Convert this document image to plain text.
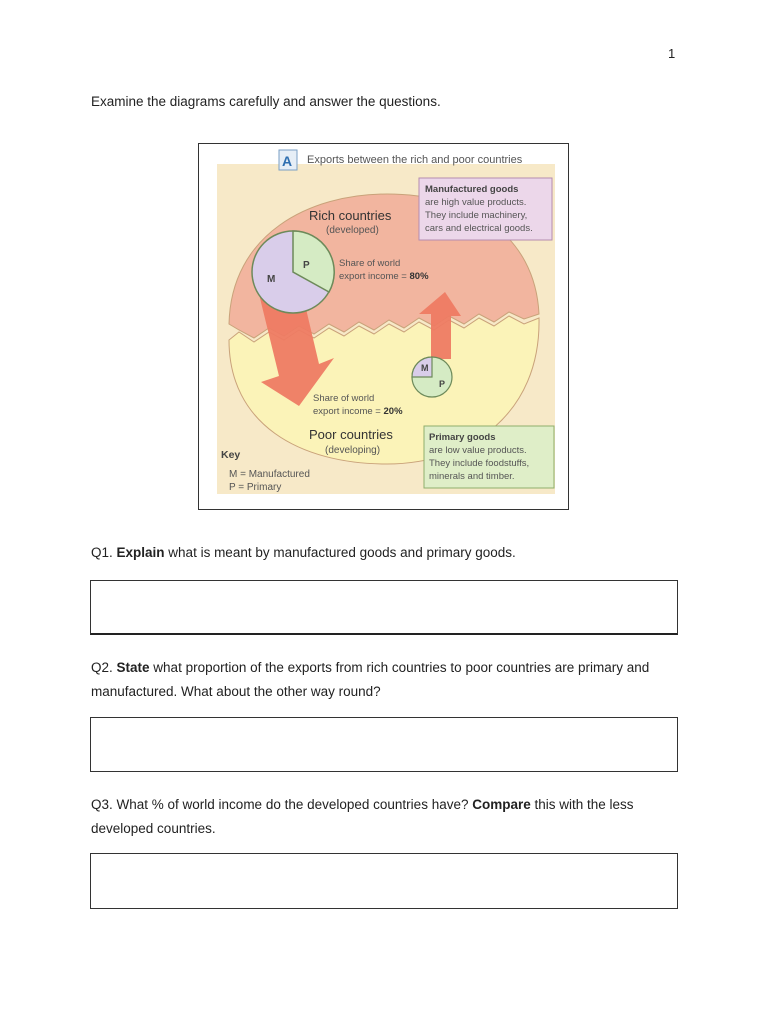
1
Examine the diagrams carefully and answer the questions.
A Exports between the rich and poor countries
M
P
M
P
Rich countries
(developed)
Share of world
export income = 80%
Share of world
export income = 20%
Poor countries
(developing)
Manufactured goods
are high value products.
They include machinery,
cars and electrical goods.
Primary goods
are low value products.
They include foodstuffs,
minerals and timber.
Key
M = Manufactured
P = Primary
Q1. Explain what is meant by manufactured goods and primary goods.
Q2. State what proportion of the exports from rich countries to poor countries are primary and manufactured. What about the other way round?
Q3. What % of world income do the developed countries have? Compare this with the less developed countries.
